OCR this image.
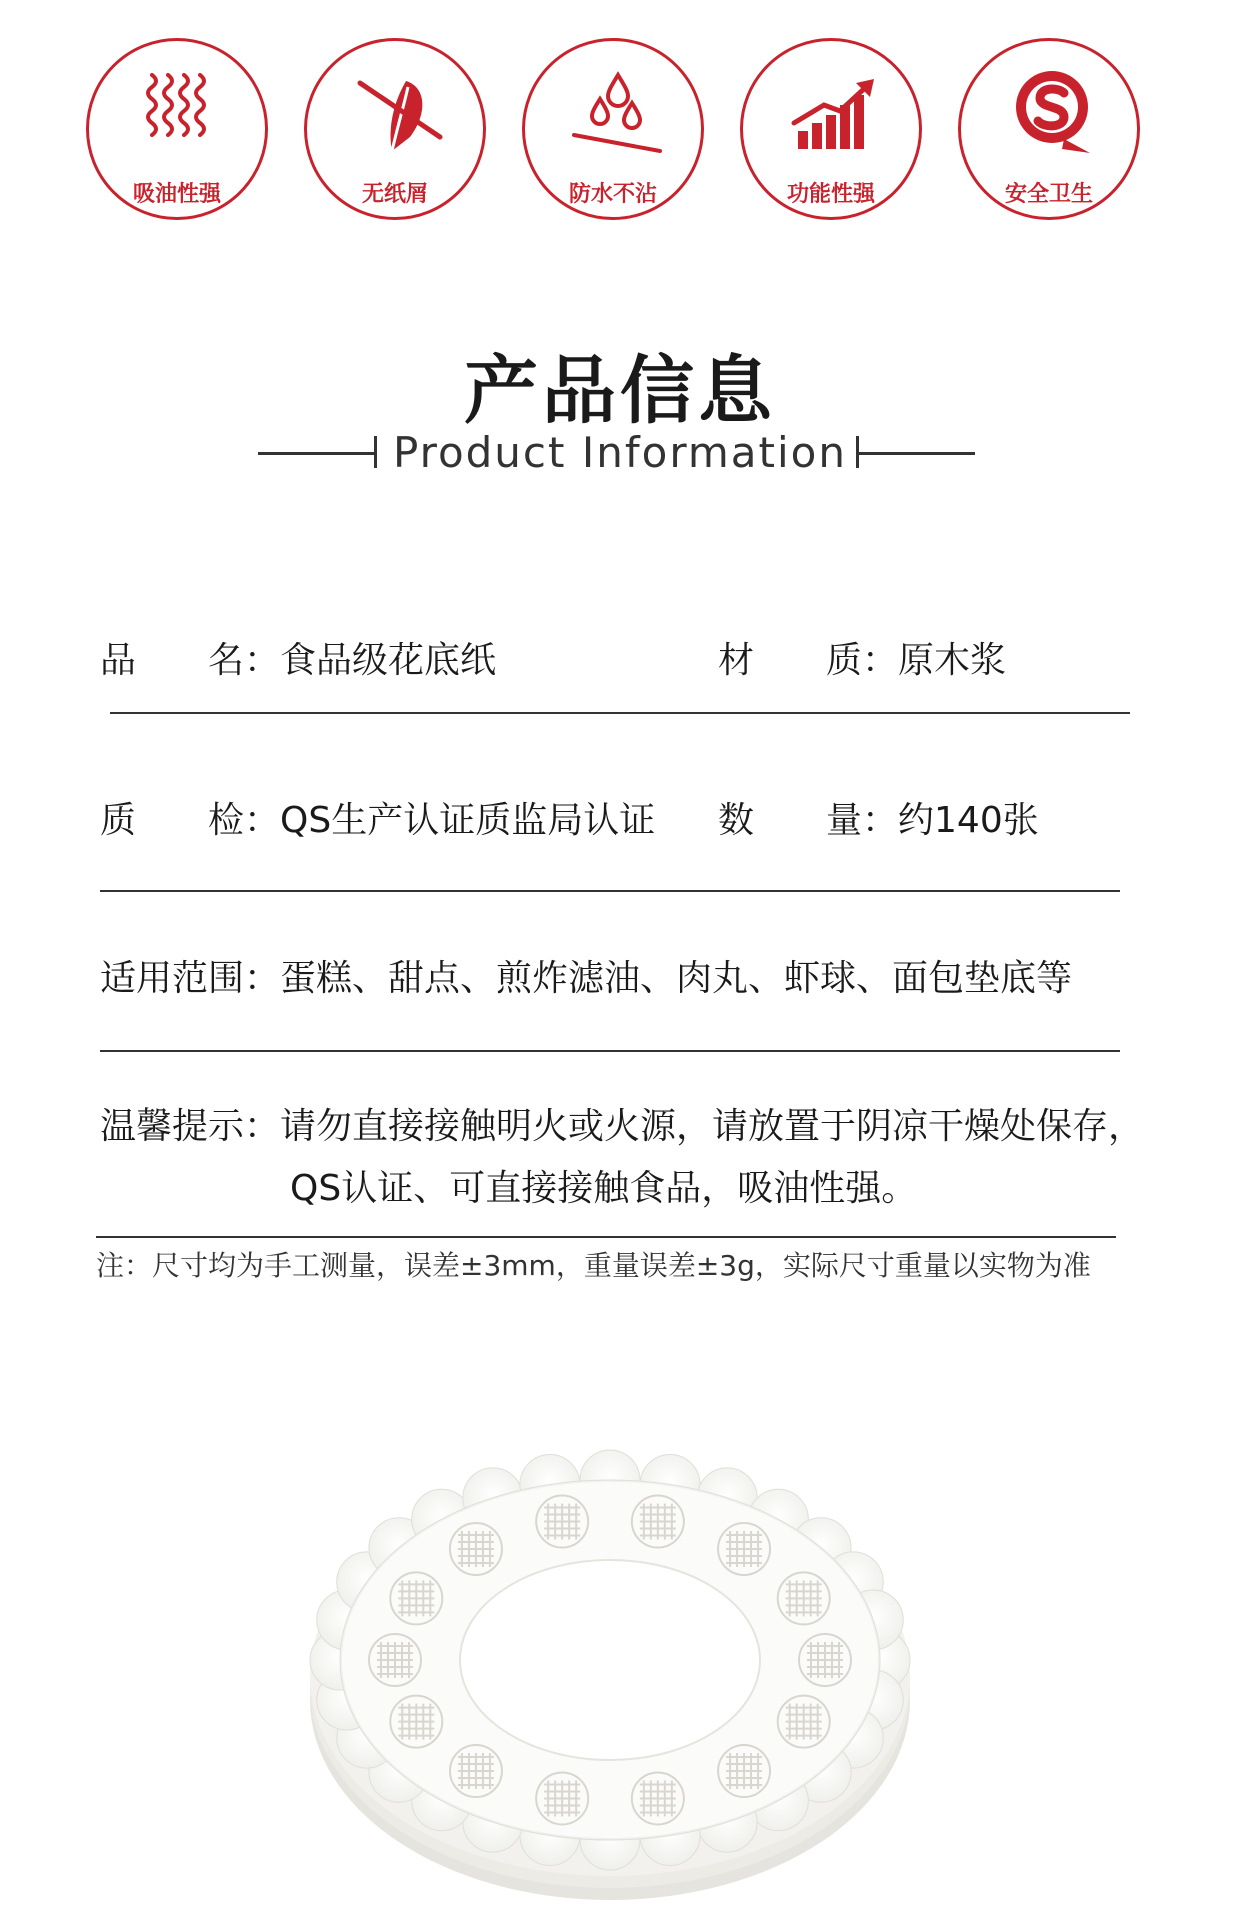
吸油性强	无纸屑	防水不沾	功能性强	安全卫生
产品信息
Product Information
品　　名：食品级花底纸	材　　质：原木浆
质　　检：QS生产认证质监局认证 数　　量：约140张
适用范围：蛋糕、甜点、煎炸滤油、肉丸、虾球、面包垫底等
温馨提示：请勿直接接触明火或火源，请放置于阴凉干燥处保存，
QS认证、可直接接触食品，吸油性强。
注：尺寸均为手工测量，误差±3mm，重量误差±3g，实际尺寸重量以实物为准
